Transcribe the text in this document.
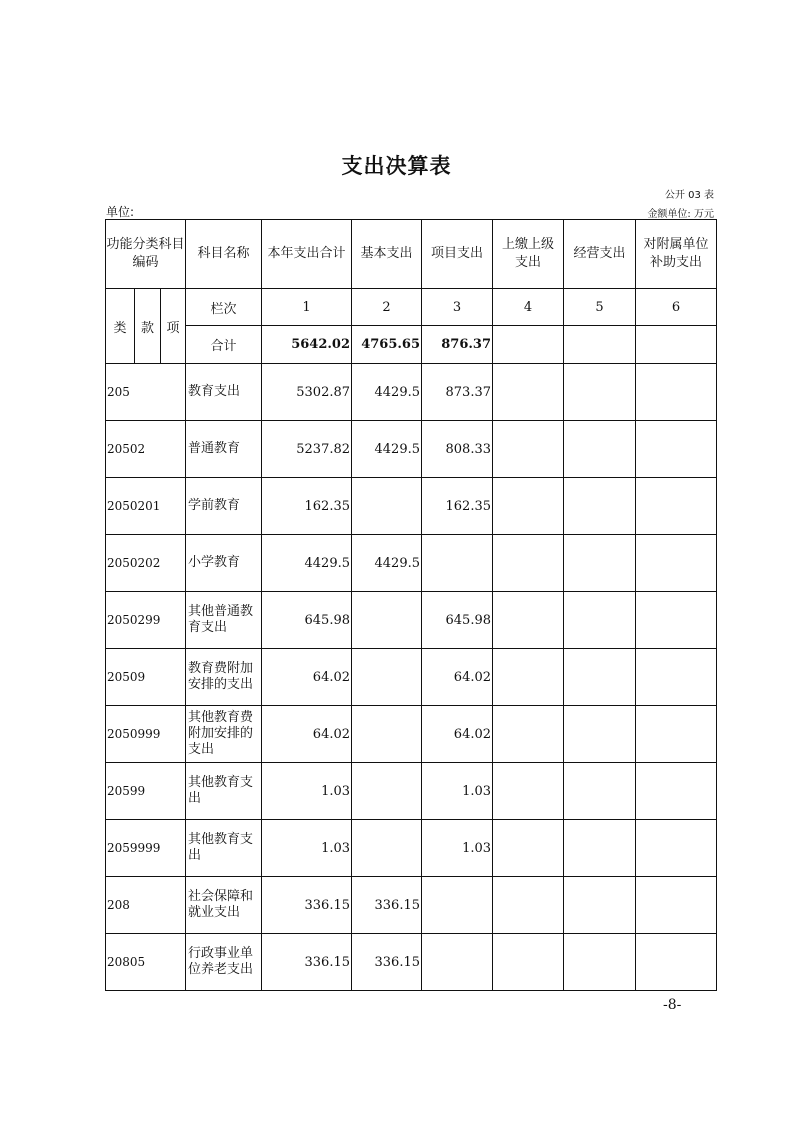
支出决算表
公开 03 表
单位:	金额单位: 万元
功能分类科目编码			科目名称	本年支出合计	基本支出	项目支出	上缴上级支出	经营支出	对附属单位补助支出
类	款	项	栏次	1	2	3	4	5	6
			合计	5642.02	4765.65	876.37			
205			教育支出	5302.87	4429.5	873.37			
20502			普通教育	5237.82	4429.5	808.33			
2050201			学前教育	162.35		162.35			
2050202			小学教育	4429.5	4429.5				
2050299			其他普通教育支出	645.98		645.98			
20509			教育费附加安排的支出	64.02		64.02			
2050999			其他教育费附加安排的支出	64.02		64.02			
20599			其他教育支出	1.03		1.03			
2059999			其他教育支出	1.03		1.03			
208			社会保障和就业支出	336.15	336.15				
20805			行政事业单位养老支出	336.15	336.15				
-8-
